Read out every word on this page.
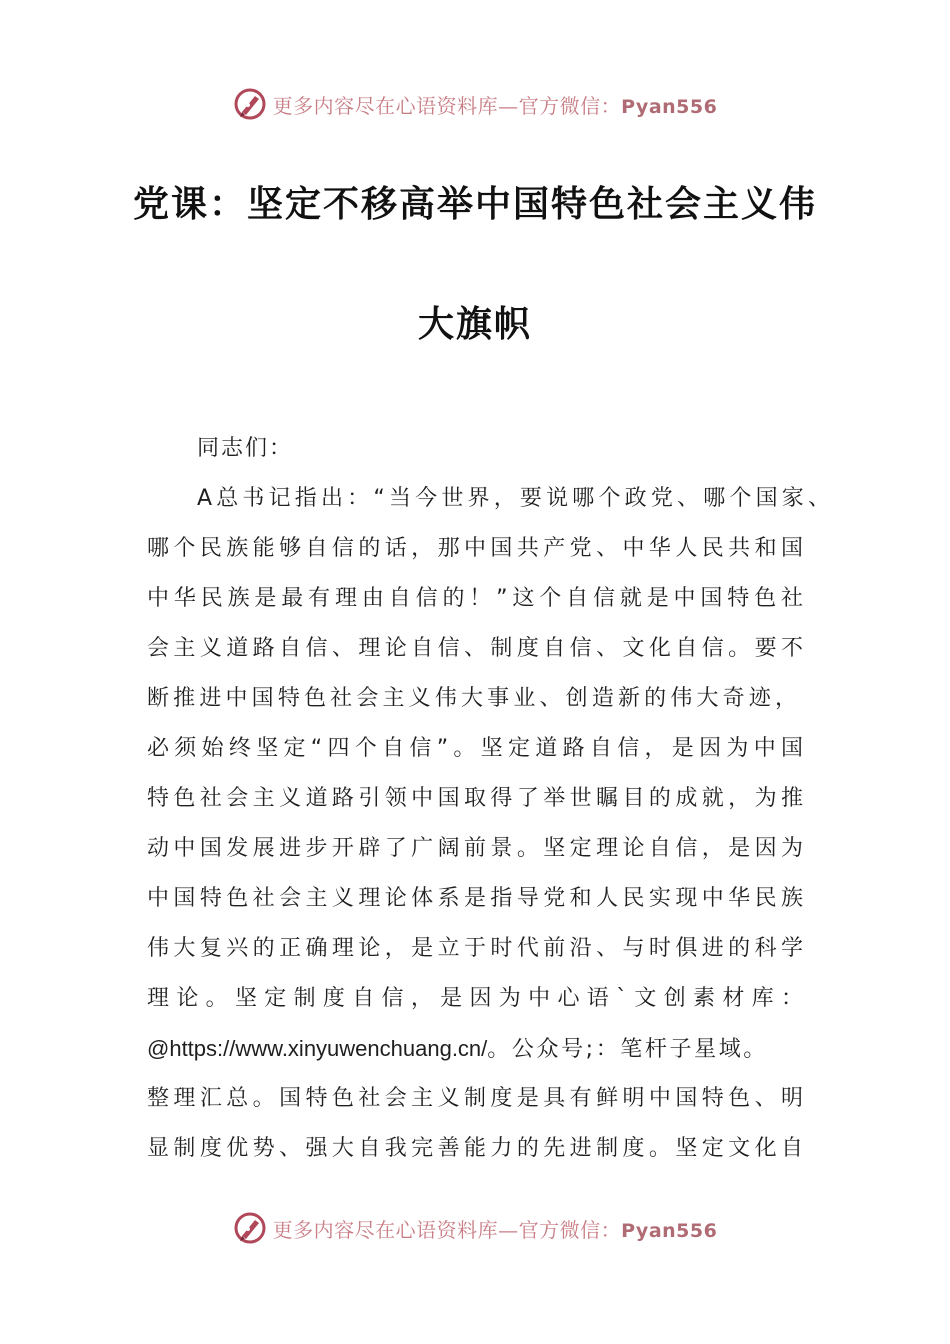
更多内容尽在心语资料库—官方微信：Pyan556
党课：坚定不移高举中国特色社会主义伟
大旗帜
同志们：
A总书记指出：“当今世界，要说哪个政党、哪个国家、
哪个民族能够自信的话，那中国共产党、中华人民共和国
中华民族是最有理由自信的！”这个自信就是中国特色社
会主义道路自信、理论自信、制度自信、文化自信。要不
断推进中国特色社会主义伟大事业、创造新的伟大奇迹，
必须始终坚定“四个自信”。坚定道路自信，是因为中国
特色社会主义道路引领中国取得了举世瞩目的成就，为推
动中国发展进步开辟了广阔前景。坚定理论自信，是因为
中国特色社会主义理论体系是指导党和人民实现中华民族
伟大复兴的正确理论，是立于时代前沿、与时俱进的科学
理论。坚定制度自信，是因为中心语`文创素材库：
@https://www.xinyuwenchuang.cn/。公众号;：笔杆子星域。
整理汇总。国特色社会主义制度是具有鲜明中国特色、明
显制度优势、强大自我完善能力的先进制度。坚定文化自
更多内容尽在心语资料库—官方微信：Pyan556
